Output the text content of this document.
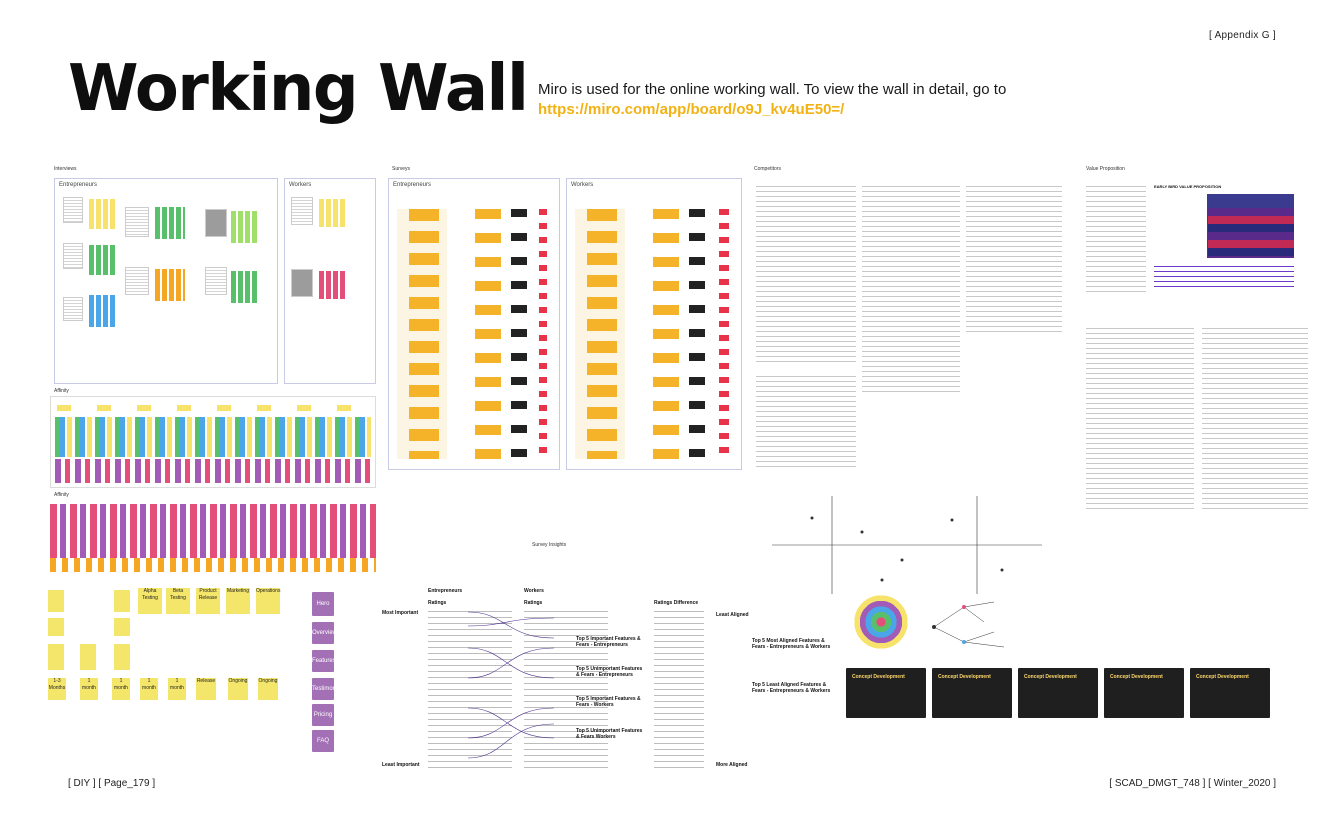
[ Appendix G ]
Working Wall Miro is used for the online working wall. To view the wall in detail, go to
https://miro.com/app/board/o9J_kv4uE50=/
Interviews	Surveys	Competitors	Value Proposition
Entrepreneurs	Workers
Affinity
Affinity
Alpha Testing
Beta Testing
Product Release
Marketing Operations
1-3 Months
1 month
1 month
1 month
1 month
Release	Ongoing Ongoing
Hero
Overview
Features
Testimonials
Pricing
FAQ
Entrepreneurs	Workers
Survey Insights
Most Important
Least Important
Entrepreneurs	Workers
Ratings	Ratings	Ratings Difference
Least Aligned
More Aligned
Top 5 Important Features & Fears - Entrepreneurs
Top 5 Unimportant Features & Fears - Entrepreneurs
Top 5 Important Features & Fears - Workers
Top 5 Unimportant Features & Fears Workers
Top 5 Most Aligned Features & Fears - Entrepreneurs & Workers
Top 5 Least Aligned Features & Fears - Entrepreneurs & Workers
EARLY BIRD VALUE PROPOSITION
Concept Development	Concept Development	Concept Development	Concept Development	Concept Development
[ DIY ] [ Page_179 ]	[ SCAD_DMGT_748 ] [ Winter_2020 ]
